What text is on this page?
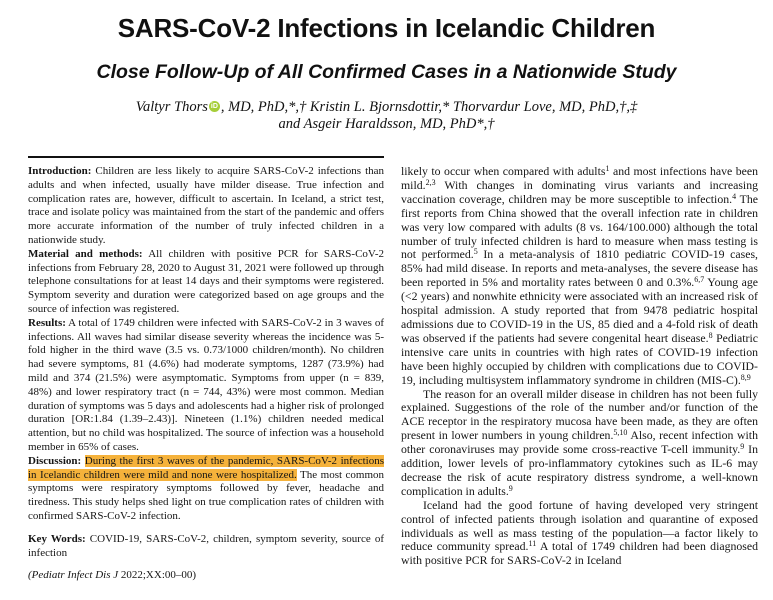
SARS-CoV-2 Infections in Icelandic Children
Close Follow-Up of All Confirmed Cases in a Nationwide Study
Valtyr Thors iD , MD, PhD,*,† Kristin L. Bjornsdottir,* Thorvardur Love, MD, PhD,†,‡
and Asgeir Haraldsson, MD, PhD*,†

Introduction: Children are less likely to acquire SARS-CoV-2 infections than adults and when infected, usually have milder disease. True infection and complication rates are, however, difficult to ascertain. In Iceland, a strict test, trace and isolate policy was maintained from the start of the pandemic and offers more accurate information of the number of truly infected children in a nationwide study.

Material and methods: All children with positive PCR for SARS-CoV-2 infections from February 28, 2020 to August 31, 2021 were followed up through telephone consultations for at least 14 days and their symptoms were registered. Symptom severity and duration were categorized based on age groups and the source of infection was registered.

Results: A total of 1749 children were infected with SARS-CoV-2 in 3 waves of infections. All waves had similar disease severity whereas the incidence was 5-fold higher in the third wave (3.5 vs. 0.73/1000 children/month). No children had severe symptoms, 81 (4.6%) had moderate symptoms, 1287 (73.9%) had mild and 374 (21.5%) were asymptomatic. Symptoms from upper (n = 839, 48%) and lower respiratory tract (n = 744, 43%) were most common. Median duration of symptoms was 5 days and adolescents had a higher risk of prolonged duration [OR:1.84 (1.39–2.43)]. Nineteen (1.1%) children needed medical attention, but no child was hospitalized. The source of infection was a household member in 65% of cases.

Discussion: During the first 3 waves of the pandemic, SARS-CoV-2 infections in Icelandic children were mild and none were hospitalized. The most common symptoms were respiratory symptoms followed by fever, headache and tiredness. This study helps shed light on true complication rates of children with confirmed SARS-CoV-2 infection.

Key Words: COVID-19, SARS-CoV-2, children, symptom severity, source of infection

(Pediatr Infect Dis J 2022;XX:00–00)

likely to occur when compared with adults$^1$ and most infections have been mild.$^{2,3}$ With changes in dominating virus variants and increasing vaccination coverage, children may be more susceptible to infection.$^4$ The first reports from China showed that the overall infection rate in children was very low compared with adults (8 vs. 164/100.000) although the total number of truly infected children is hard to measure when mass testing is not performed.$^5$ In a meta-analysis of 1810 pediatric COVID-19 cases, 85% had mild disease. In reports and meta-analyses, the severe disease has been reported in 5% and mortality rates between 0 and 0.3%.$^{6,7}$ Young age (<2 years) and nonwhite ethnicity were associated with an increased risk of hospital admission. A study reported that from 9478 pediatric hospital admissions due to COVID-19 in the US, 85 died and a 4-fold risk of death was observed if the patients had severe congenital heart disease.$^8$ Pediatric intensive care units in countries with high rates of COVID-19 infection have been highly occupied by children with complications due to COVID-19, including multisystem inflammatory syndrome in children (MIS-C).$^{8,9}$

The reason for an overall milder disease in children has not been fully explained. Suggestions of the role of the number and/or function of the ACE receptor in the respiratory mucosa have been made, as they are often present in lower numbers in young children.$^{5,10}$ Also, recent infection with other coronaviruses may provide some cross-reactive T-cell immunity.$^9$ In addition, lower levels of pro-inflammatory cytokines such as IL-6 may decrease the risk of acute respiratory distress syndrome, a well-known complication in adults.$^9$

Iceland had the good fortune of having developed very stringent control of infected patients through isolation and quarantine of exposed individuals as well as mass testing of the population—a factor likely to reduce community spread.$^{11}$ A total of 1749 children had been diagnosed with positive PCR for SARS-CoV-2 in Iceland
